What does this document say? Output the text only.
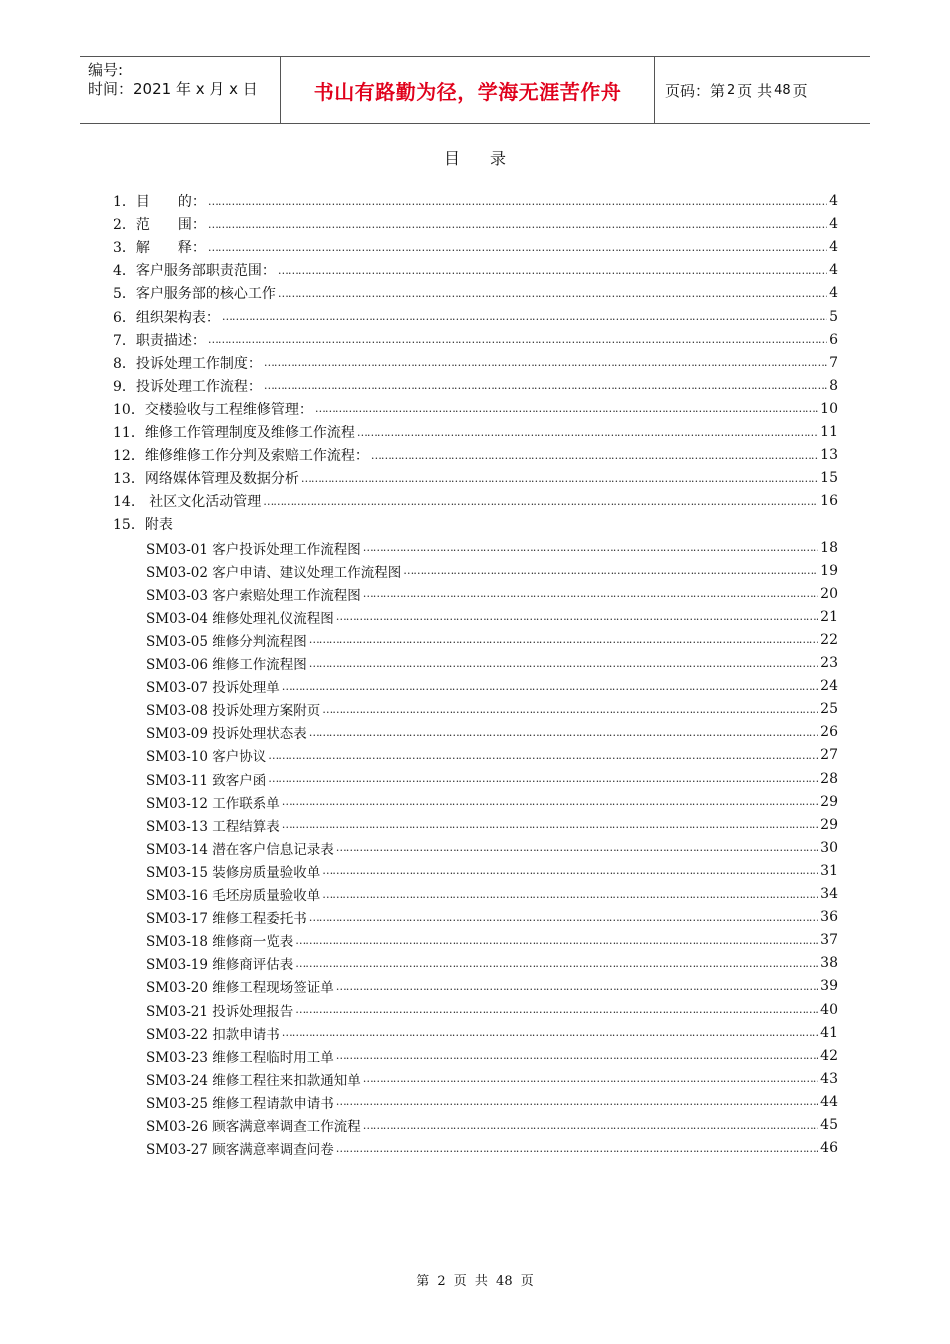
编号:
时间：2021 年 x 月 x 日	书山有路勤为径，学海无涯苦作舟	页码：第 2 页 共 48 页
目录
1．目　　的： ……………………………………………………………………………………………………………………………………………………………………………………………………………………………………………………	4
2．范　　围： ……………………………………………………………………………………………………………………………………………………………………………………………………………………………………………………	4
3．解　　释： ……………………………………………………………………………………………………………………………………………………………………………………………………………………………………………………	4
4．客户服务部职责范围： ……………………………………………………………………………………………………………………………………………………………………………………………………………………………………………………	4
5．客户服务部的核心工作 ……………………………………………………………………………………………………………………………………………………………………………………………………………………………………………………	4
6．组织架构表： ……………………………………………………………………………………………………………………………………………………………………………………………………………………………………………………	5
7．职责描述： ……………………………………………………………………………………………………………………………………………………………………………………………………………………………………………………	6
8．投诉处理工作制度： ……………………………………………………………………………………………………………………………………………………………………………………………………………………………………………………	7
9．投诉处理工作流程： ……………………………………………………………………………………………………………………………………………………………………………………………………………………………………………………	8
10．交楼验收与工程维修管理： ……………………………………………………………………………………………………………………………………………………………………………………………………………………………………………………	10
11．维修工作管理制度及维修工作流程 ……………………………………………………………………………………………………………………………………………………………………………………………………………………………………………………	11
12．维修维修工作分判及索赔工作流程： ……………………………………………………………………………………………………………………………………………………………………………………………………………………………………………………	13
13．网络媒体管理及数据分析 ……………………………………………………………………………………………………………………………………………………………………………………………………………………………………………………	15
14.　社区文化活动管理 ……………………………………………………………………………………………………………………………………………………………………………………………………………………………………………………	16
15．附表
SM03-01 客户投诉处理工作流程图 ……………………………………………………………………………………………………………………………………………………………………………………………………………………………………………………	18
SM03-02 客户申请、建议处理工作流程图 ……………………………………………………………………………………………………………………………………………………………………………………………………………………………………………………	19
SM03-03 客户索赔处理工作流程图 ……………………………………………………………………………………………………………………………………………………………………………………………………………………………………………………	20
SM03-04 维修处理礼仪流程图 ……………………………………………………………………………………………………………………………………………………………………………………………………………………………………………………	21
SM03-05 维修分判流程图 ……………………………………………………………………………………………………………………………………………………………………………………………………………………………………………………	22
SM03-06 维修工作流程图 ……………………………………………………………………………………………………………………………………………………………………………………………………………………………………………………	23
SM03-07 投诉处理单 ……………………………………………………………………………………………………………………………………………………………………………………………………………………………………………………	24
SM03-08 投诉处理方案附页 ……………………………………………………………………………………………………………………………………………………………………………………………………………………………………………………	25
SM03-09 投诉处理状态表 ……………………………………………………………………………………………………………………………………………………………………………………………………………………………………………………	26
SM03-10 客户协议 ……………………………………………………………………………………………………………………………………………………………………………………………………………………………………………………	27
SM03-11 致客户函 ……………………………………………………………………………………………………………………………………………………………………………………………………………………………………………………	28
SM03-12 工作联系单 ……………………………………………………………………………………………………………………………………………………………………………………………………………………………………………………	29
SM03-13 工程结算表 ……………………………………………………………………………………………………………………………………………………………………………………………………………………………………………………	29
SM03-14 潜在客户信息记录表 ……………………………………………………………………………………………………………………………………………………………………………………………………………………………………………………	30
SM03-15 装修房质量验收单 ……………………………………………………………………………………………………………………………………………………………………………………………………………………………………………………	31
SM03-16 毛坯房质量验收单 ……………………………………………………………………………………………………………………………………………………………………………………………………………………………………………………	34
SM03-17 维修工程委托书 ……………………………………………………………………………………………………………………………………………………………………………………………………………………………………………………	36
SM03-18 维修商一览表 ……………………………………………………………………………………………………………………………………………………………………………………………………………………………………………………	37
SM03-19 维修商评估表 ……………………………………………………………………………………………………………………………………………………………………………………………………………………………………………………	38
SM03-20 维修工程现场签证单 ……………………………………………………………………………………………………………………………………………………………………………………………………………………………………………………	39
SM03-21 投诉处理报告 ……………………………………………………………………………………………………………………………………………………………………………………………………………………………………………………	40
SM03-22 扣款申请书 ……………………………………………………………………………………………………………………………………………………………………………………………………………………………………………………	41
SM03-23 维修工程临时用工单 ……………………………………………………………………………………………………………………………………………………………………………………………………………………………………………………	42
SM03-24 维修工程往来扣款通知单 ……………………………………………………………………………………………………………………………………………………………………………………………………………………………………………………	43
SM03-25 维修工程请款申请书 ……………………………………………………………………………………………………………………………………………………………………………………………………………………………………………………	44
SM03-26 顾客满意率调查工作流程 ……………………………………………………………………………………………………………………………………………………………………………………………………………………………………………………	45
SM03-27 顾客满意率调查问卷 ……………………………………………………………………………………………………………………………………………………………………………………………………………………………………………………	46
第 2 页 共 48 页
